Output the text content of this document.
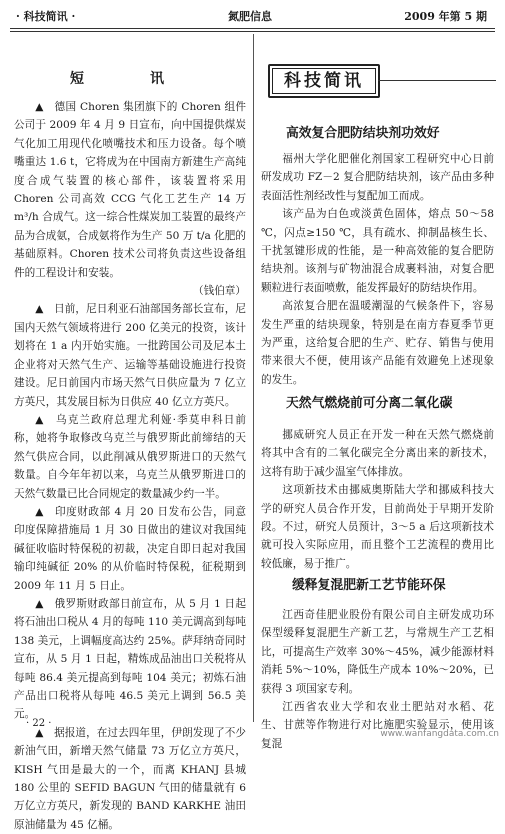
· 科技简讯 ·	氮肥信息	2009 年第 5 期
短　讯

▲　德国 Choren 集团旗下的 Choren 组件公司于 2009 年 4 月 9 日宣布，向中国提供煤炭气化加工用现代化喷嘴技术和压力设备。每个喷嘴重达 1.6 t，它将成为在中国南方新建生产高纯度合成气装置的核心部件，该装置将采用 Choren 公司高效 CCG 气化工艺生产 14 万 m³/h 合成气。这一综合性煤炭加工装置的最终产品为合成氨，合成氨将作为生产 50 万 t/a 化肥的基础原料。Choren 技术公司将负责这些设备组件的工程设计和安装。

（钱伯章）

▲　日前，尼日利亚石油部国务部长宣布，尼国内天然气领域将进行 200 亿美元的投资，该计划将在 1 a 内开始实施。一批跨国公司及尼本土企业将对天然气生产、运输等基础设施进行投资建设。尼日前国内市场天然气日供应量为 7 亿立方英尺，其发展目标为日供应 40 亿立方英尺。

▲　乌克兰政府总理尤利娅·季莫申科日前称，她将争取修改乌克兰与俄罗斯此前缔结的天然气供应合同，以此削减从俄罗斯进口的天然气数量。自今年年初以来，乌克兰从俄罗斯进口的天然气数量已比合同规定的数量减少约一半。

▲　印度财政部 4 月 20 日发布公告，同意印度保障措施局 1 月 30 日做出的建议对我国纯碱征收临时特保税的初裁，决定自即日起对我国输印纯碱征 20% 的从价临时特保税，征税期到 2009 年 11 月 5 日止。

▲　俄罗斯财政部日前宣布，从 5 月 1 日起将石油出口税从 4 月的每吨 110 美元调高到每吨 138 美元，上调幅度高达约 25%。萨拜纳奇同时宣布，从 5 月 1 日起，精炼成品油出口关税将从每吨 86.4 美元提高到每吨 104 美元；初炼石油产品出口税将从每吨 46.5 美元上调到 56.5 美元。

▲　据报道，在过去四年里，伊朗发现了不少新油气田，新增天然气储量 73 万亿立方英尺，KISH 气田是最大的一个，而离 KHANJ 县城 180 公里的 SEFID BAGUN 气田的储量就有 6 万亿立方英尺，新发现的 BAND KARKHE 油田原油储量为 45 亿桶。

科技简讯
高效复合肥防结块剂功效好
天然气燃烧前可分离二氧化碳
缓释复混肥新工艺节能环保

福州大学化肥催化剂国家工程研究中心日前研发成功 FZ－2 复合肥防结块剂，该产品由多种表面活性剂经改性与复配加工而成。

该产品为白色或淡黄色固体，熔点 50～58 ℃，闪点≥150 ℃，具有疏水、抑制晶核生长、干扰氢键形成的性能，是一种高效能的复合肥防结块剂。该剂与矿物油混合成裹料油，对复合肥颗粒进行表面喷敷，能发挥最好的防结块作用。

高浓复合肥在温暖潮湿的气候条件下，容易发生严重的结块现象，特别是在南方春夏季节更为严重，这给复合肥的生产、贮存、销售与使用带来很大不便，使用该产品能有效避免上述现象的发生。

挪威研究人员正在开发一种在天然气燃烧前将其中含有的二氧化碳完全分离出来的新技术，这将有助于减少温室气体排放。

这项新技术由挪威奥斯陆大学和挪威科技大学的研究人员合作开发，目前尚处于早期开发阶段。不过，研究人员预计，3～5 a 后这项新技术就可投入实际应用，而且整个工艺流程的费用比较低廉，易于推广。

江西奇佳肥业股份有限公司自主研发成功环保型缓释复混肥生产新工艺，与常规生产工艺相比，可提高生产效率 30%～45%，减少能源材料消耗 5%～10%，降低生产成本 10%～20%，已获得 3 项国家专利。

江西省农业大学和农业土肥站对水稻、花生、甘蔗等作物进行对比施肥实验显示，使用该复混

· 22 ·
www.wanfangdata.com.cn
